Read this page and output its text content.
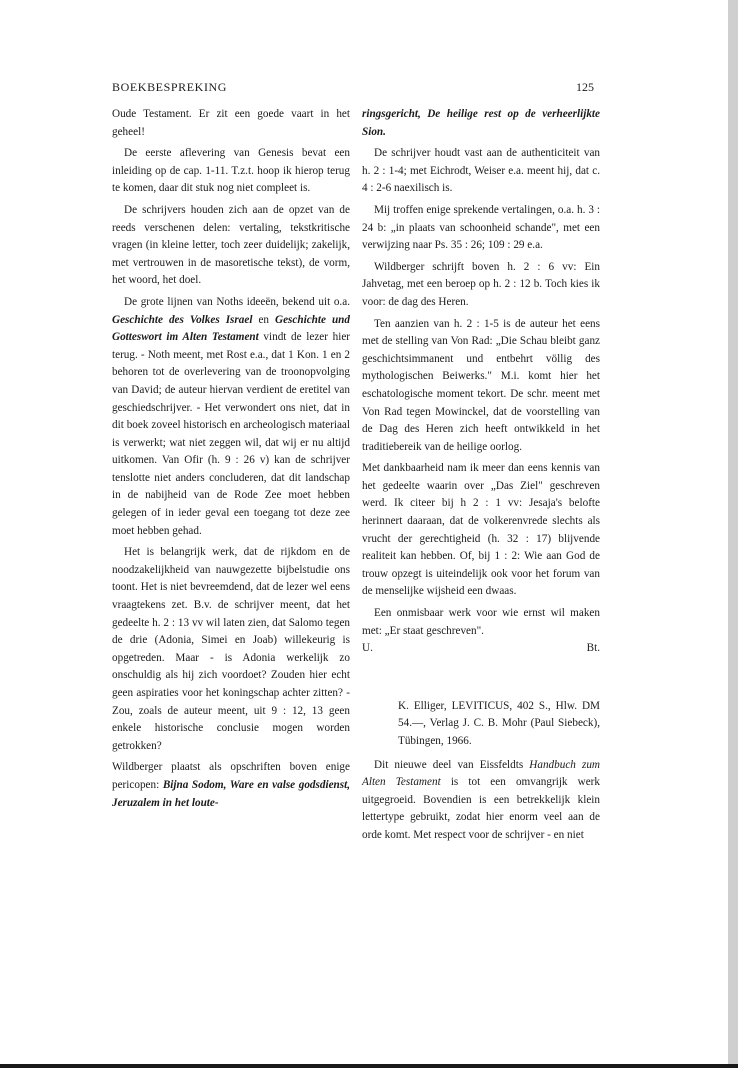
BOEKBESPREKING	125

Oude Testament. Er zit een goede vaart in het geheel!

De eerste aflevering van Genesis bevat een inleiding op de cap. 1-11. T.z.t. hoop ik hierop terug te komen, daar dit stuk nog niet compleet is.

De schrijvers houden zich aan de opzet van de reeds verschenen delen: vertaling, tekstkritische vragen (in kleine letter, toch zeer duidelijk; zakelijk, met vertrouwen in de masoretische tekst), de vorm, het woord, het doel.

De grote lijnen van Noths ideeën, bekend uit o.a. Geschichte des Volkes Israel en Geschichte und Gotteswort im Alten Testament vindt de lezer hier terug. - Noth meent, met Rost e.a., dat 1 Kon. 1 en 2 behoren tot de overlevering van de troonopvolging van David; de auteur hiervan verdient de eretitel van geschiedschrijver. - Het verwondert ons niet, dat in dit boek zoveel historisch en archeologisch materiaal is verwerkt; wat niet zeggen wil, dat wij er nu altijd uitkomen. Van Ofir (h. 9 : 26 v) kan de schrijver tenslotte niet anders concluderen, dat dit landschap in de nabijheid van de Rode Zee moet hebben gelegen of in ieder geval een toegang tot deze zee moet hebben gehad.

Het is belangrijk werk, dat de rijkdom en de noodzakelijkheid van nauwgezette bijbelstudie ons toont. Het is niet bevreemdend, dat de lezer wel eens vraagtekens zet. B.v. de schrijver meent, dat het gedeelte h. 2 : 13 vv wil laten zien, dat Salomo tegen de drie (Adonia, Simei en Joab) willekeurig is opgetreden. Maar - is Adonia werkelijk zo onschuldig als hij zich voordoet? Zouden hier echt geen aspiraties voor het koningschap achter zitten? - Zou, zoals de auteur meent, uit 9 : 12, 13 geen enkele historische conclusie mogen worden getrokken?

Wildberger plaatst als opschriften boven enige pericopen: Bijna Sodom, Ware en valse godsdienst, Jeruzalem in het loute-

ringsgericht, De heilige rest op de verheerlijkte Sion.

De schrijver houdt vast aan de authenticiteit van h. 2 : 1-4; met Eichrodt, Weiser e.a. meent hij, dat c. 4 : 2-6 naexilisch is.

Mij troffen enige sprekende vertalingen, o.a. h. 3 : 24 b: „in plaats van schoonheid schande", met een verwijzing naar Ps. 35 : 26; 109 : 29 e.a.

Wildberger schrijft boven h. 2 : 6 vv: Ein Jahvetag, met een beroep op h. 2 : 12 b. Toch kies ik voor: de dag des Heren.

Ten aanzien van h. 2 : 1-5 is de auteur het eens met de stelling van Von Rad: „Die Schau bleibt ganz geschichtsimmanent und entbehrt völlig des mythologischen Beiwerks." M.i. komt hier het eschatologische moment tekort. De schr. meent met Von Rad tegen Mowinckel, dat de voorstelling van de Dag des Heren zich heeft ontwikkeld in het traditiebereik van de heilige oorlog.

Met dankbaarheid nam ik meer dan eens kennis van het gedeelte waarin over „Das Ziel" geschreven werd. Ik citeer bij h 2 : 1 vv: Jesaja's belofte herinnert daaraan, dat de volkerenvrede slechts als vrucht der gerechtigheid (h. 32 : 17) blijvende realiteit kan hebben. Of, bij 1 : 2: Wie aan God de trouw opzegt is uiteindelijk ook voor het forum van de menselijke wijsheid een dwaas.

Een onmisbaar werk voor wie ernst wil maken met: „Er staat geschreven".

U.	Bt.

K. Elliger, LEVITICUS, 402 S., Hlw. DM 54.—, Verlag J. C. B. Mohr (Paul Siebeck), Tübingen, 1966.

Dit nieuwe deel van Eissfeldts Handbuch zum Alten Testament is tot een omvangrijk werk uitgegroeid. Bovendien is een betrekkelijk klein lettertype gebruikt, zodat hier enorm veel aan de orde komt. Met respect voor de schrijver - en niet
